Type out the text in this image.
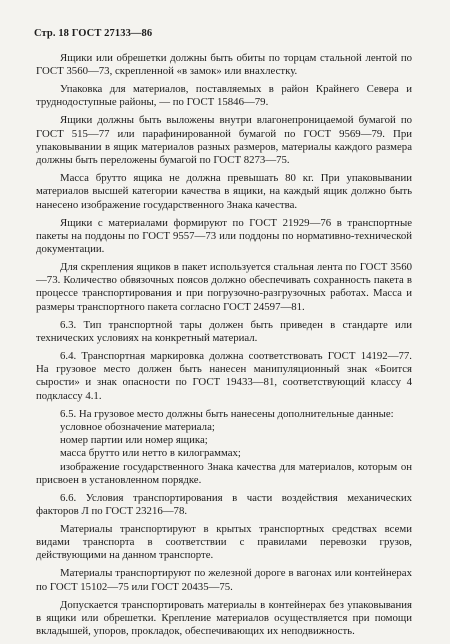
Стр. 18 ГОСТ 27133—86

Ящики или обрешетки должны быть обиты по торцам стальной лентой по ГОСТ 3560—73, скрепленной «в замок» или внахлестку.

Упаковка для материалов, поставляемых в район Крайнего Севера и труднодоступные районы, — по ГОСТ 15846—79.

Ящики должны быть выложены внутри влагонепроницаемой бумагой по ГОСТ 515—77 или парафинированной бумагой по ГОСТ 9569—79. При упаковывании в ящик материалов разных размеров, материалы каждого размера должны быть переложены бумагой по ГОСТ 8273—75.

Масса брутто ящика не должна превышать 80 кг. При упаковывании материалов высшей категории качества в ящики, на каждый ящик должно быть нанесено изображение государственного Знака качества.

Ящики с материалами формируют по ГОСТ 21929—76 в транспортные пакеты на поддоны по ГОСТ 9557—73 или поддоны по нормативно-технической документации.

Для скрепления ящиков в пакет используется стальная лента по ГОСТ 3560—73. Количество обвязочных поясов должно обеспечивать сохранность пакета в процессе транспортирования и при погрузочно-разгрузочных работах. Масса и размеры транспортного пакета согласно ГОСТ 24597—81.

6.3. Тип транспортной тары должен быть приведен в стандарте или технических условиях на конкретный материал.

6.4. Транспортная маркировка должна соответствовать ГОСТ 14192—77. На грузовое место должен быть нанесен манипуляционный знак «Боится сырости» и знак опасности по ГОСТ 19433—81, соответствующий классу 4 подклассу 4.1.

6.5. На грузовое место должны быть нанесены дополнительные данные:

условное обозначение материала;

номер партии или номер ящика;

масса брутто или нетто в килограммах;

изображение государственного Знака качества для материалов, которым он присвоен в установленном порядке.

6.6. Условия транспортирования в части воздействия механических факторов Л по ГОСТ 23216—78.

Материалы транспортируют в крытых транспортных средствах всеми видами транспорта в соответствии с правилами перевозки грузов, действующими на данном транспорте.

Материалы транспортируют по железной дороге в вагонах или контейнерах по ГОСТ 15102—75 или ГОСТ 20435—75.

Допускается транспортировать материалы в контейнерах без упаковывания в ящики или обрешетки. Крепление материалов осуществляется при помощи вкладышей, упоров, прокладок, обеспечивающих их неподвижность.
